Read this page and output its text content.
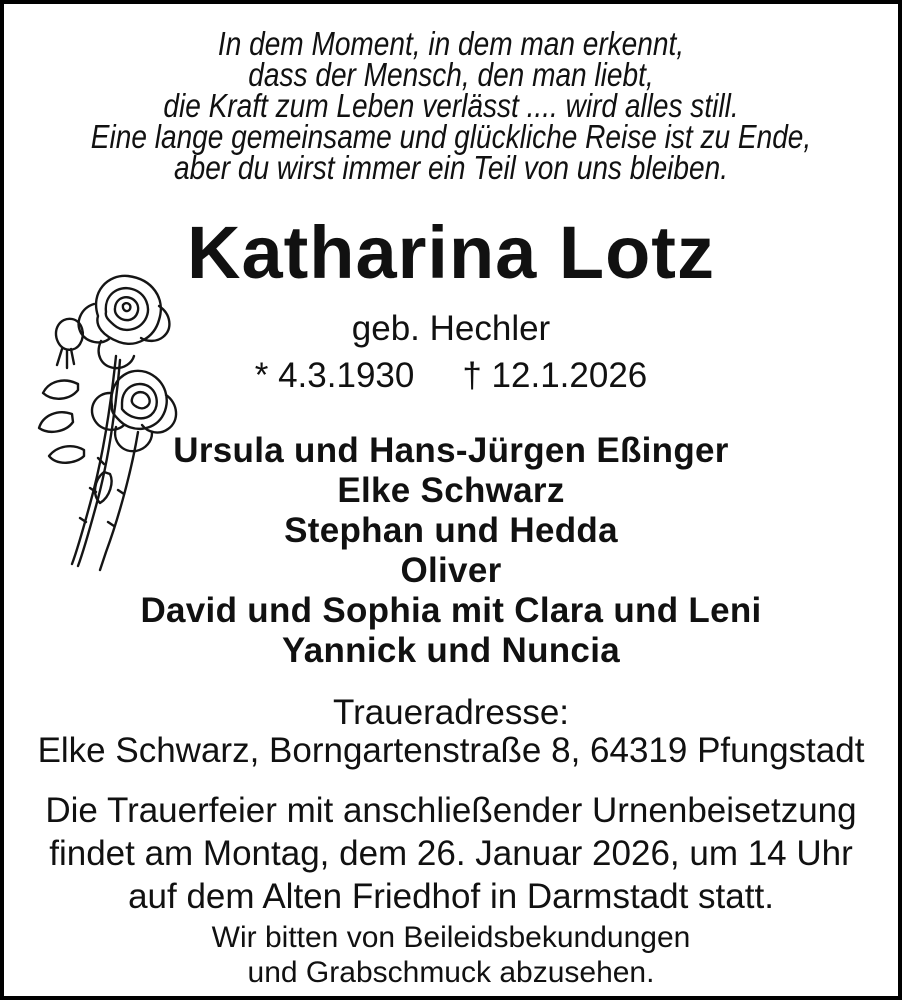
In dem Moment, in dem man erkennt,
dass der Mensch, den man liebt,
die Kraft zum Leben verlässt .... wird alles still.
Eine lange gemeinsame und glückliche Reise ist zu Ende,
aber du wirst immer ein Teil von uns bleiben.
Katharina Lotz
geb. Hechler
* 4.3.1930 † 12.1.2026
Ursula und Hans-Jürgen Eßinger
Elke Schwarz
Stephan und Hedda
Oliver
David und Sophia mit Clara und Leni
Yannick und Nuncia
Traueradresse:
Elke Schwarz, Borngartenstraße 8, 64319 Pfungstadt
Die Trauerfeier mit anschließender Urnenbeisetzung
findet am Montag, dem 26. Januar 2026, um 14 Uhr
auf dem Alten Friedhof in Darmstadt statt.
Wir bitten von Beileidsbekundungen
und Grabschmuck abzusehen.
